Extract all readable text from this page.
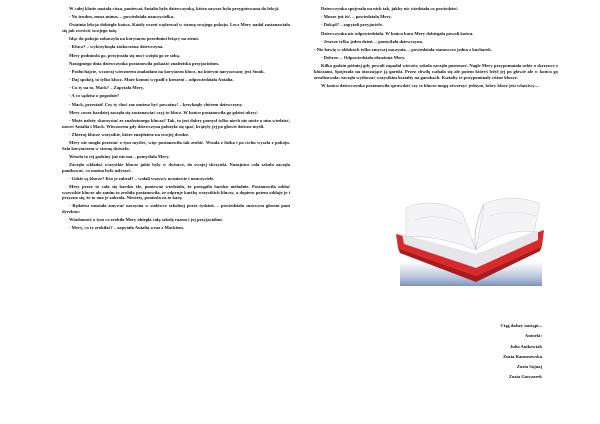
W całej klasie nastała cisza, ponieważ Antalia była dziewczynką, która zawsze była przygotowana do lekcji.

- No trudno, musz minus. – powiedziała nauczycielka.

Ostatnia lekcja dobiegła końca. Każdy uczeń wędrował w stronę swojego pokoju. Lecz Mery nadal zastanawiała się jak zwrócić swojego tatę.

Idąc do pokoju zobaczyła na korytarzu przedmiot leżący na ziemi.

- Klucz? – wykrzyknęła zaskoczona dziewczyna.

Mery podniosła go, przyjrzała się mu i wzięła go ze sobą.

Następnego dnia dziewczynka postanowiła pokazać znaleziska przyjaciołom.

- Posłuchajcie, wczoraj wieczorem znalazłam na korytarzu klucz, na którym narysowany jest Smok.

- Daj spokój, to tylko klucz. Może komuś wypadł z kieszeni – odpowiedziała Antalia.

- Co ty na to, Mack? – Zapytała Mery.

- A co sądzisz o pogodzie?

- Mack, przestań! Czy ty choć raz możesz być poważny! – krzyknęły chórem dziewczyny.

Mery coraz bardziej zaczęła się zastanawiać czyj to klucz. W końcu postanowiła go gdzieś ukryć.

- Może należy skorzystać ze znalezionego klucza? Tak, to jest dobry pomysł tylko niech nie może o nim wiedzieć, nawet Antalia i Mack. Wieczorem gdy dziewczyna położyła się spać, krążyły jej po głowie dziwne myśli.

- Zbieraj klucze wszystkie, które znajdziesz na swojej drodze.

Mery nie mogła przestać o tym myśleć, więc postanowiła tak zrobić. Wstała z łóżka i po cichu wyszła z pokoju. Szła korytarzem w stronę dyżurki.

Wesoła to tej godziny już nie ma – pomyślała Mery.

Zaczęła wkładać wszystkie klucze jakie były w dyżurce, do swojej skrzynki. Nazajutrz cała szkoła zaczęła panikować, co można było usłyszeć.

- Gdzie są klucze? Kto je zabrał? – wołali wszyscy uczniowie i nauczyciele.

Mery przez to cała się bardzo źle, ponieważ wiedziała, że postąpiła bardzo nieładnie. Postanowiła oddać wszystkie klucze ale zanim to zrobiła postanowiła, że odpruje kartkę wszystkich kluczy, a dopiero potem oddaje je i przyzna się, że to ona je zabrała. Niestety, poniosła za to karę.

- Będziesz musiała zmywać naczynia w stołówce szkolnej przez tydzień. – powiedziała surowym głosem pani dyrektor.

Wiadomość o tym co zrobiła Mery obiegła całą szkołę razem i jej przyjaciółmi.

- Mery, co ty zrobiłaś? – zapytała Antalia wraz z Mackiem.

Dziewczynka spojrzała na nich tak, jakby nic wiedziała co powiedzieć.

- Musze już iść. – powiedziała Mery.

- Dokąd? – zapytali przyjaciele.

Dziewczynka nic odpowiedziała. W końcu kara Mery dobiegała powoli końca.

- Jeszcze tylko jeden dzień. – pomyślała dziewczyna.

- Nie bawię w obłokach tylko zmywaj naczynia. – powiedziała stanowczo jedna z kucharek.

- Dobrze. – Odpowiedziała obrażona Mery.

Kilka godzin później gdy powoli zapadał wieczór, szkoła zaczęła pustoszeć. Nagle Mery przypomniała sobie o skrzynce z kluczami. Spojrzała na otaczające ją garnki. Przez chwilę wahała się ale potem któryś leżył jej po głowie ale w końcu go zrealizowała: zaczęła wytłaczać wszystkim kształty na garnkach. Kształty te przypominały różne klucze.

W końcu dziewczynka postanowiła sprawdzić czy te klucze mogą otworzyć jednym, który klucz jest właściwy....

Ciąg dalszy nastąpi...
Autorki:
Julia Anikowiak
Zuzia Kamenowska
Zuzia Sojnaj
Zuzia Garczarek
